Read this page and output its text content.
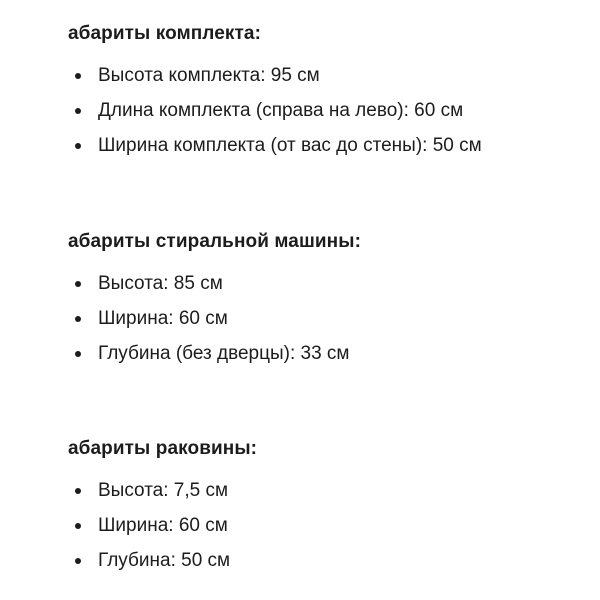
абариты комплекта:
Высота комплекта: 95 см
Длина комплекта (справа на лево): 60 см
Ширина комплекта (от вас до стены): 50 см
абариты стиральной машины:
Высота: 85 см
Ширина: 60 см
Глубина (без дверцы): 33 см
абариты раковины:
Высота: 7,5 см
Ширина: 60 см
Глубина: 50 см
